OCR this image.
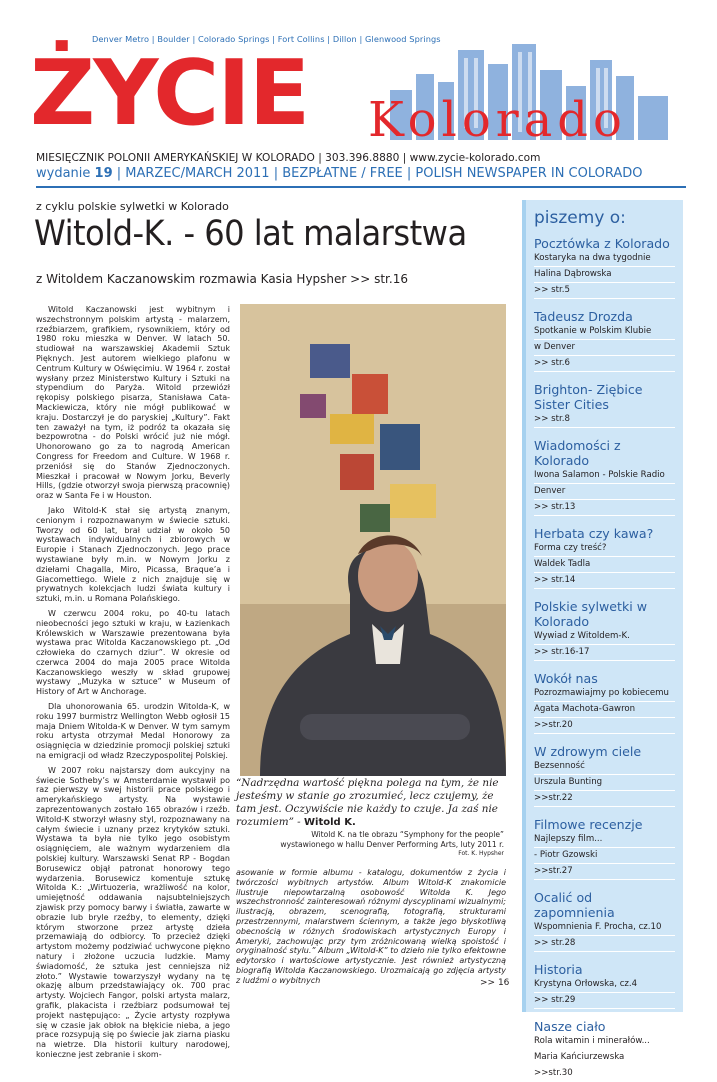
Denver Metro | Boulder | Colorado Springs | Fort Collins | Dillon | Glenwood Springs
ŻYCIE Kolorado
MIESIĘCZNIK POLONII AMERYKAŃSKIEJ W KOLORADO | 303.396.8880 | www.zycie-kolorado.com
wydanie 19 | MARZEC/MARCH 2011 | BEZPŁATNE / FREE | POLISH NEWSPAPER IN COLORADO
z cyklu polskie sylwetki w Kolorado
Witold-K. - 60 lat malarstwa
z Witoldem Kaczanowskim rozmawia Kasia Hypsher >> str.16

Witold Kaczanowski jest wybitnym i wszechstronnym polskim artystą - malarzem, rzeźbiarzem, grafikiem, rysownikiem, który od 1980 roku mieszka w Denver. W latach 50. studiował na warszawskiej Akademii Sztuk Pięknych. Jest autorem wielkiego plafonu w Centrum Kultury w Oświęcimiu. W 1964 r. został wysłany przez Ministerstwo Kultury i Sztuki na stypendium do Paryża. Witold przewiózł rękopisy polskiego pisarza, Stanisława Cata-Mackiewicza, który nie mógł publikować w kraju. Dostarczył je do paryskiej „Kultury”. Fakt ten zaważył na tym, iż podróż ta okazała się bezpowrotna - do Polski wrócić już nie mógł. Uhonorowano go za to nagrodą American Congress for Freedom and Culture. W 1968 r. przeniósł się do Stanów Zjednoczonych. Mieszkał i pracował w Nowym Jorku, Beverly Hills, (gdzie otworzył swoja pierwszą pracownię) oraz w Santa Fe i w Houston.

Jako Witold-K stał się artystą znanym, cenionym i rozpoznawanym w świecie sztuki. Tworzy od 60 lat, brał udział w około 50 wystawach indywidualnych i zbiorowych w Europie i Stanach Zjednoczonych. Jego prace wystawiane były m.in. w Nowym Jorku z dziełami Chagalla, Miro, Picassa, Braque’a i Giacomettiego. Wiele z nich znajduje się w prywatnych kolekcjach ludzi świata kultury i sztuki, m.in. u Romana Polańskiego.

W czerwcu 2004 roku, po 40-tu latach nieobecności jego sztuki w kraju, w Łazienkach Królewskich w Warszawie prezentowana była wystawa prac Witolda Kaczanowskiego pt. „Od człowieka do czarnych dziur”. W okresie od czerwca 2004 do maja 2005 prace Witolda Kaczanowskiego weszły w skład grupowej wystawy „Muzyka w sztuce” w Museum of History of Art w Anchorage.

Dla uhonorowania 65. urodzin Witolda-K, w roku 1997 burmistrz Wellington Webb ogłosił 15 maja Dniem Witolda-K w Denver. W tym samym roku artysta otrzymał Medal Honorowy za osiągnięcia w dziedzinie promocji polskiej sztuki na emigracji od władz Rzeczypospolitej Polskiej.

W 2007 roku najstarszy dom aukcyjny na świecie Sotheby’s w Amsterdamie wystawił po raz pierwszy w swej historii prace polskiego i amerykańskiego artysty. Na wystawie zaprezentowanych zostało 165 obrazów i rzeźb. Witold-K stworzył własny styl, rozpoznawany na całym świecie i uznany przez krytyków sztuki. Wystawa ta była nie tylko jego osobistym osiągnięciem, ale ważnym wydarzeniem dla polskiej kultury. Warszawski Senat RP - Bogdan Borusewicz objął patronat honorowy tego wydarzenia. Borusewicz komentuje sztukę Witolda K.: „Wirtuozeria, wrażliwość na kolor, umiejętność oddawania najsubtelniejszych zjawisk przy pomocy barwy i światła, zawarte w obrazie lub bryle rzeźby, to elementy, dzięki którym stworzone przez artystę dzieła przemawiają do odbiorcy. To przecież dzięki artystom możemy podziwiać uchwycone piękno natury i złożone uczucia ludzkie. Mamy świadomość, że sztuka jest cenniejsza niż złoto.” Wystawie towarzyszył wydany na tę okazję album przedstawiający ok. 700 prac artysty. Wojciech Fangor, polski artysta malarz, grafik, plakacista i rzeźbiarz podsumował tej projekt następująco: „ Życie artysty rozpływa się w czasie jak obłok na błękicie nieba, a jego prace rozsypują się po świecie jak ziarna piasku na wietrze. Dla historii kultury narodowej, konieczne jest zebranie i skom-

“Nadrzędna wartość piękna polega na tym, że nie jesteśmy w stanie go zrozumieć, lecz czujemy, że tam jest. Oczywiście nie każdy to czuje. Ja zaś nie rozumiem” - Witold K.
Witold K. na tle obrazu “Symphony for the people” wystawionego w hallu Denver Performing Arts, luty 2011 r.
Fot. K. Hypsher
asowanie w formie albumu - katalogu, dokumentów z życia i twórczości wybitnych artystów. Album Witold-K znakomicie ilustruje niepowtarzalną osobowość Witolda K. Jego wszechstronność zainteresowań różnymi dyscyplinami wizualnymi; ilustracją, obrazem, scenografią, fotografią, strukturami przestrzennymi, malarstwem ściennym, a także jego błyskotliwą obecnością w różnych środowiskach artystycznych Europy i Ameryki, zachowując przy tym zróżnicowaną wielką spoistość i oryginalność stylu.” Album „Witold-K” to dzieło nie tylko efektowne edytorsko i wartościowe artystycznie. Jest również artystyczną biografią Witolda Kaczanowskiego. Urozmaicają go zdjęcia artysty z ludźmi o wybitnych	>> 16
piszemy o:
Pocztówka z Kolorado
Kostaryka na dwa tygodnie
Halina Dąbrowska
>> str.5
Tadeusz Drozda
Spotkanie w Polskim Klubie
w Denver
>> str.6
Brighton- Ziębice Sister Cities
>> str.8
Wiadomości z Kolorado
Iwona Salamon - Polskie Radio
Denver
>> str.13
Herbata czy kawa?
Forma czy treść?
Waldek Tadla
>> str.14
Polskie sylwetki w Kolorado
Wywiad z Witoldem-K.
>> str.16-17
Wokół nas
Pozrozmawiajmy po kobiecemu
Agata Machota-Gawron
>>str.20
W zdrowym ciele
Bezsenność
Urszula Bunting
>>str.22
Filmowe recenzje
Najlepszy film...
- Piotr Gzowski
>>str.27
Ocalić od zapomnienia
Wspomnienia F. Procha, cz.10
>> str.28
Historia
Krystyna Orłowska, cz.4
>> str.29
Nasze ciało
Rola witamin i minerałów...
Maria Kańciurzewska
>>str.30
